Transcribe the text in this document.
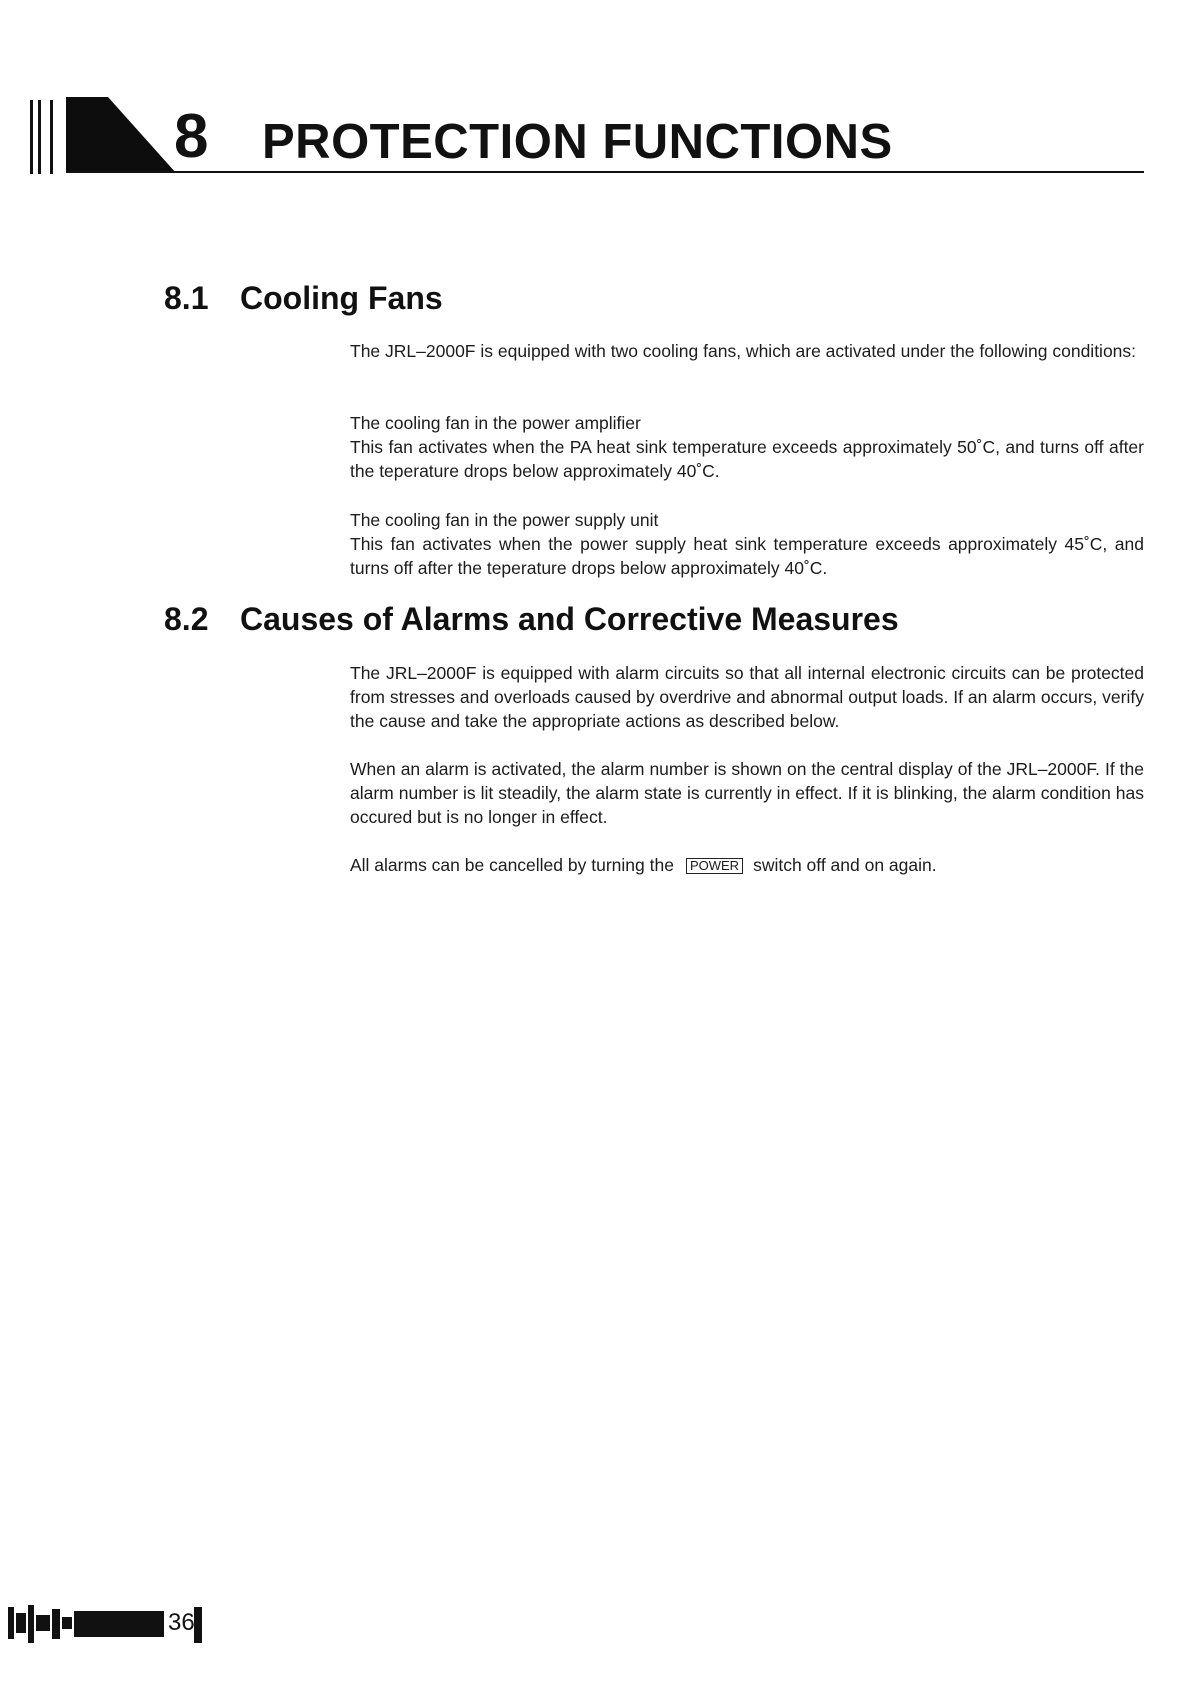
8 PROTECTION FUNCTIONS
8.1 Cooling Fans
The JRL–2000F is equipped with two cooling fans, which are activated under the following conditions:
The cooling fan in the power amplifier
This fan activates when the PA heat sink temperature exceeds approximately 50˚C, and turns off after the teperature drops below approximately 40˚C.
The cooling fan in the power supply unit
This fan activates when the power supply heat sink temperature exceeds approximately 45˚C, and turns off after the teperature drops below approximately 40˚C.
8.2 Causes of Alarms and Corrective Measures
The JRL–2000F is equipped with alarm circuits so that all internal electronic circuits can be protected from stresses and overloads caused by overdrive and abnormal output loads. If an alarm occurs, verify the cause and take the appropriate actions as described below.
When an alarm is activated, the alarm number is shown on the central display of the JRL–2000F. If the alarm number is lit steadily, the alarm state is currently in effect. If it is blinking, the alarm condition has occured but is no longer in effect.
All alarms can be cancelled by turning the POWER switch off and on again.
36
